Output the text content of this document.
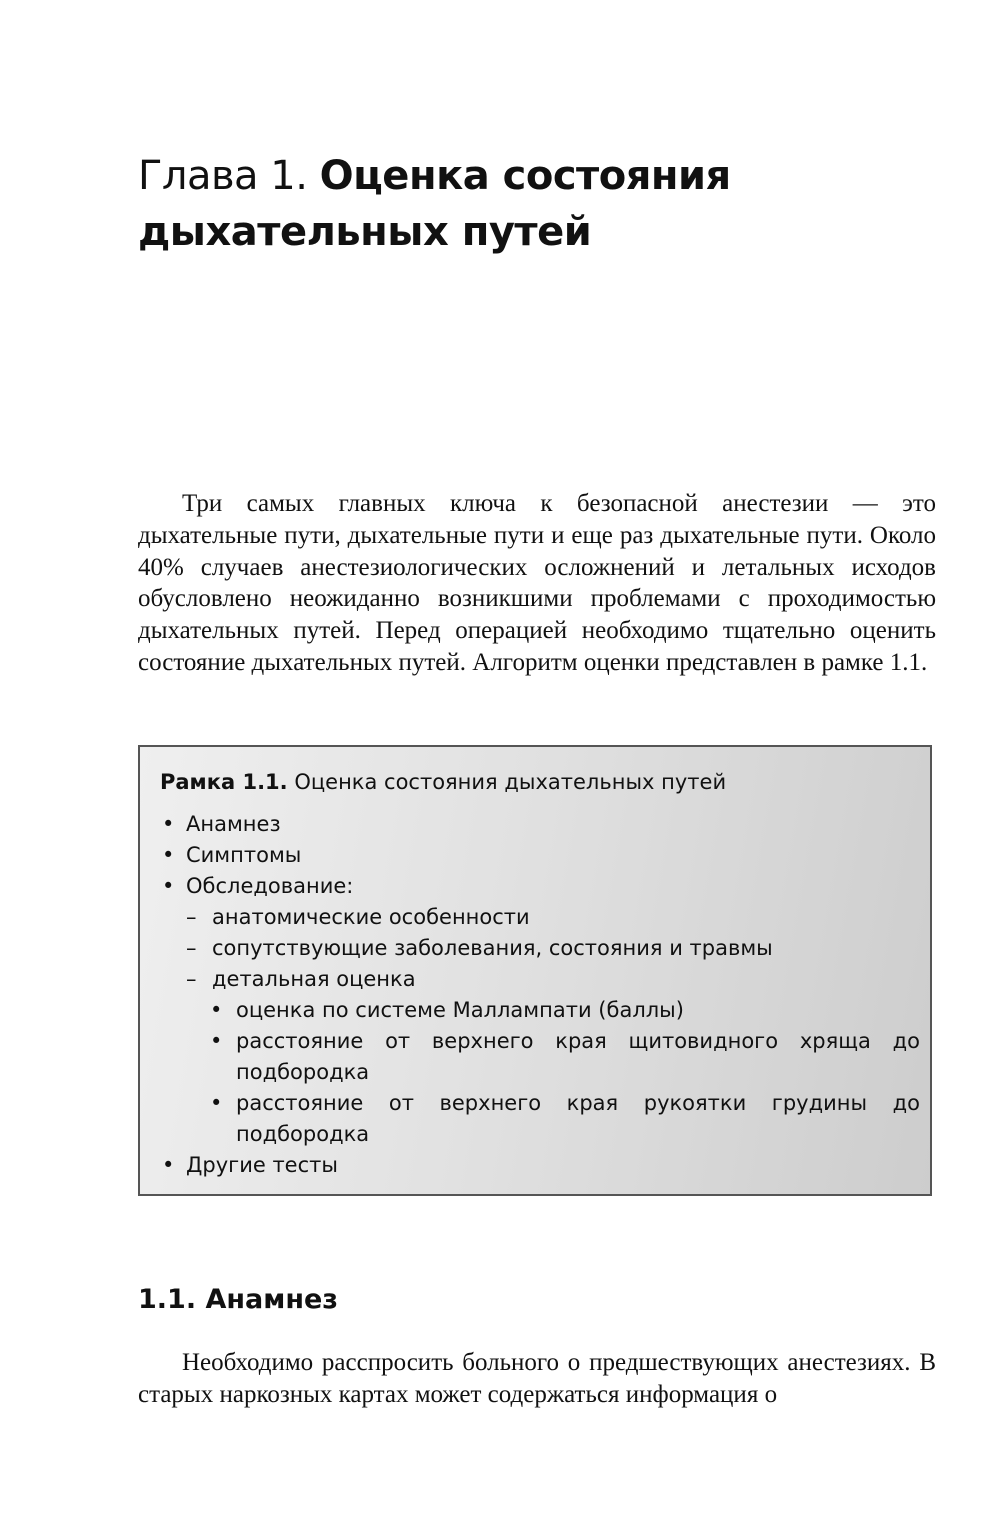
Глава 1. Оценка состояния дыхательных путей

Три самых главных ключа к безопасной анестезии — это дыхательные пути, дыхательные пути и еще раз дыхательные пути. Около 40% случаев анестезиологических осложнений и летальных исходов обусловлено неожиданно возникшими проблемами с проходимостью дыхательных путей. Перед операцией необходимо тщательно оценить состояние дыхательных путей. Алгоритм оценки представлен в рамке 1.1.

Рамка 1.1. Оценка состояния дыхательных путей

• Анамнез
• Симптомы
• Обследование:
– анатомические особенности
– сопутствующие заболевания, состояния и травмы
– детальная оценка
• оценка по системе Маллампати (баллы)
• расстояние от верхнего края щитовидного хряща до подбородка
• расстояние от верхнего края рукоятки грудины до подбородка
• Другие тесты
1.1. Анамнез

Необходимо расспросить больного о предшествующих анестезиях. В старых наркозных картах может содержаться информация о
